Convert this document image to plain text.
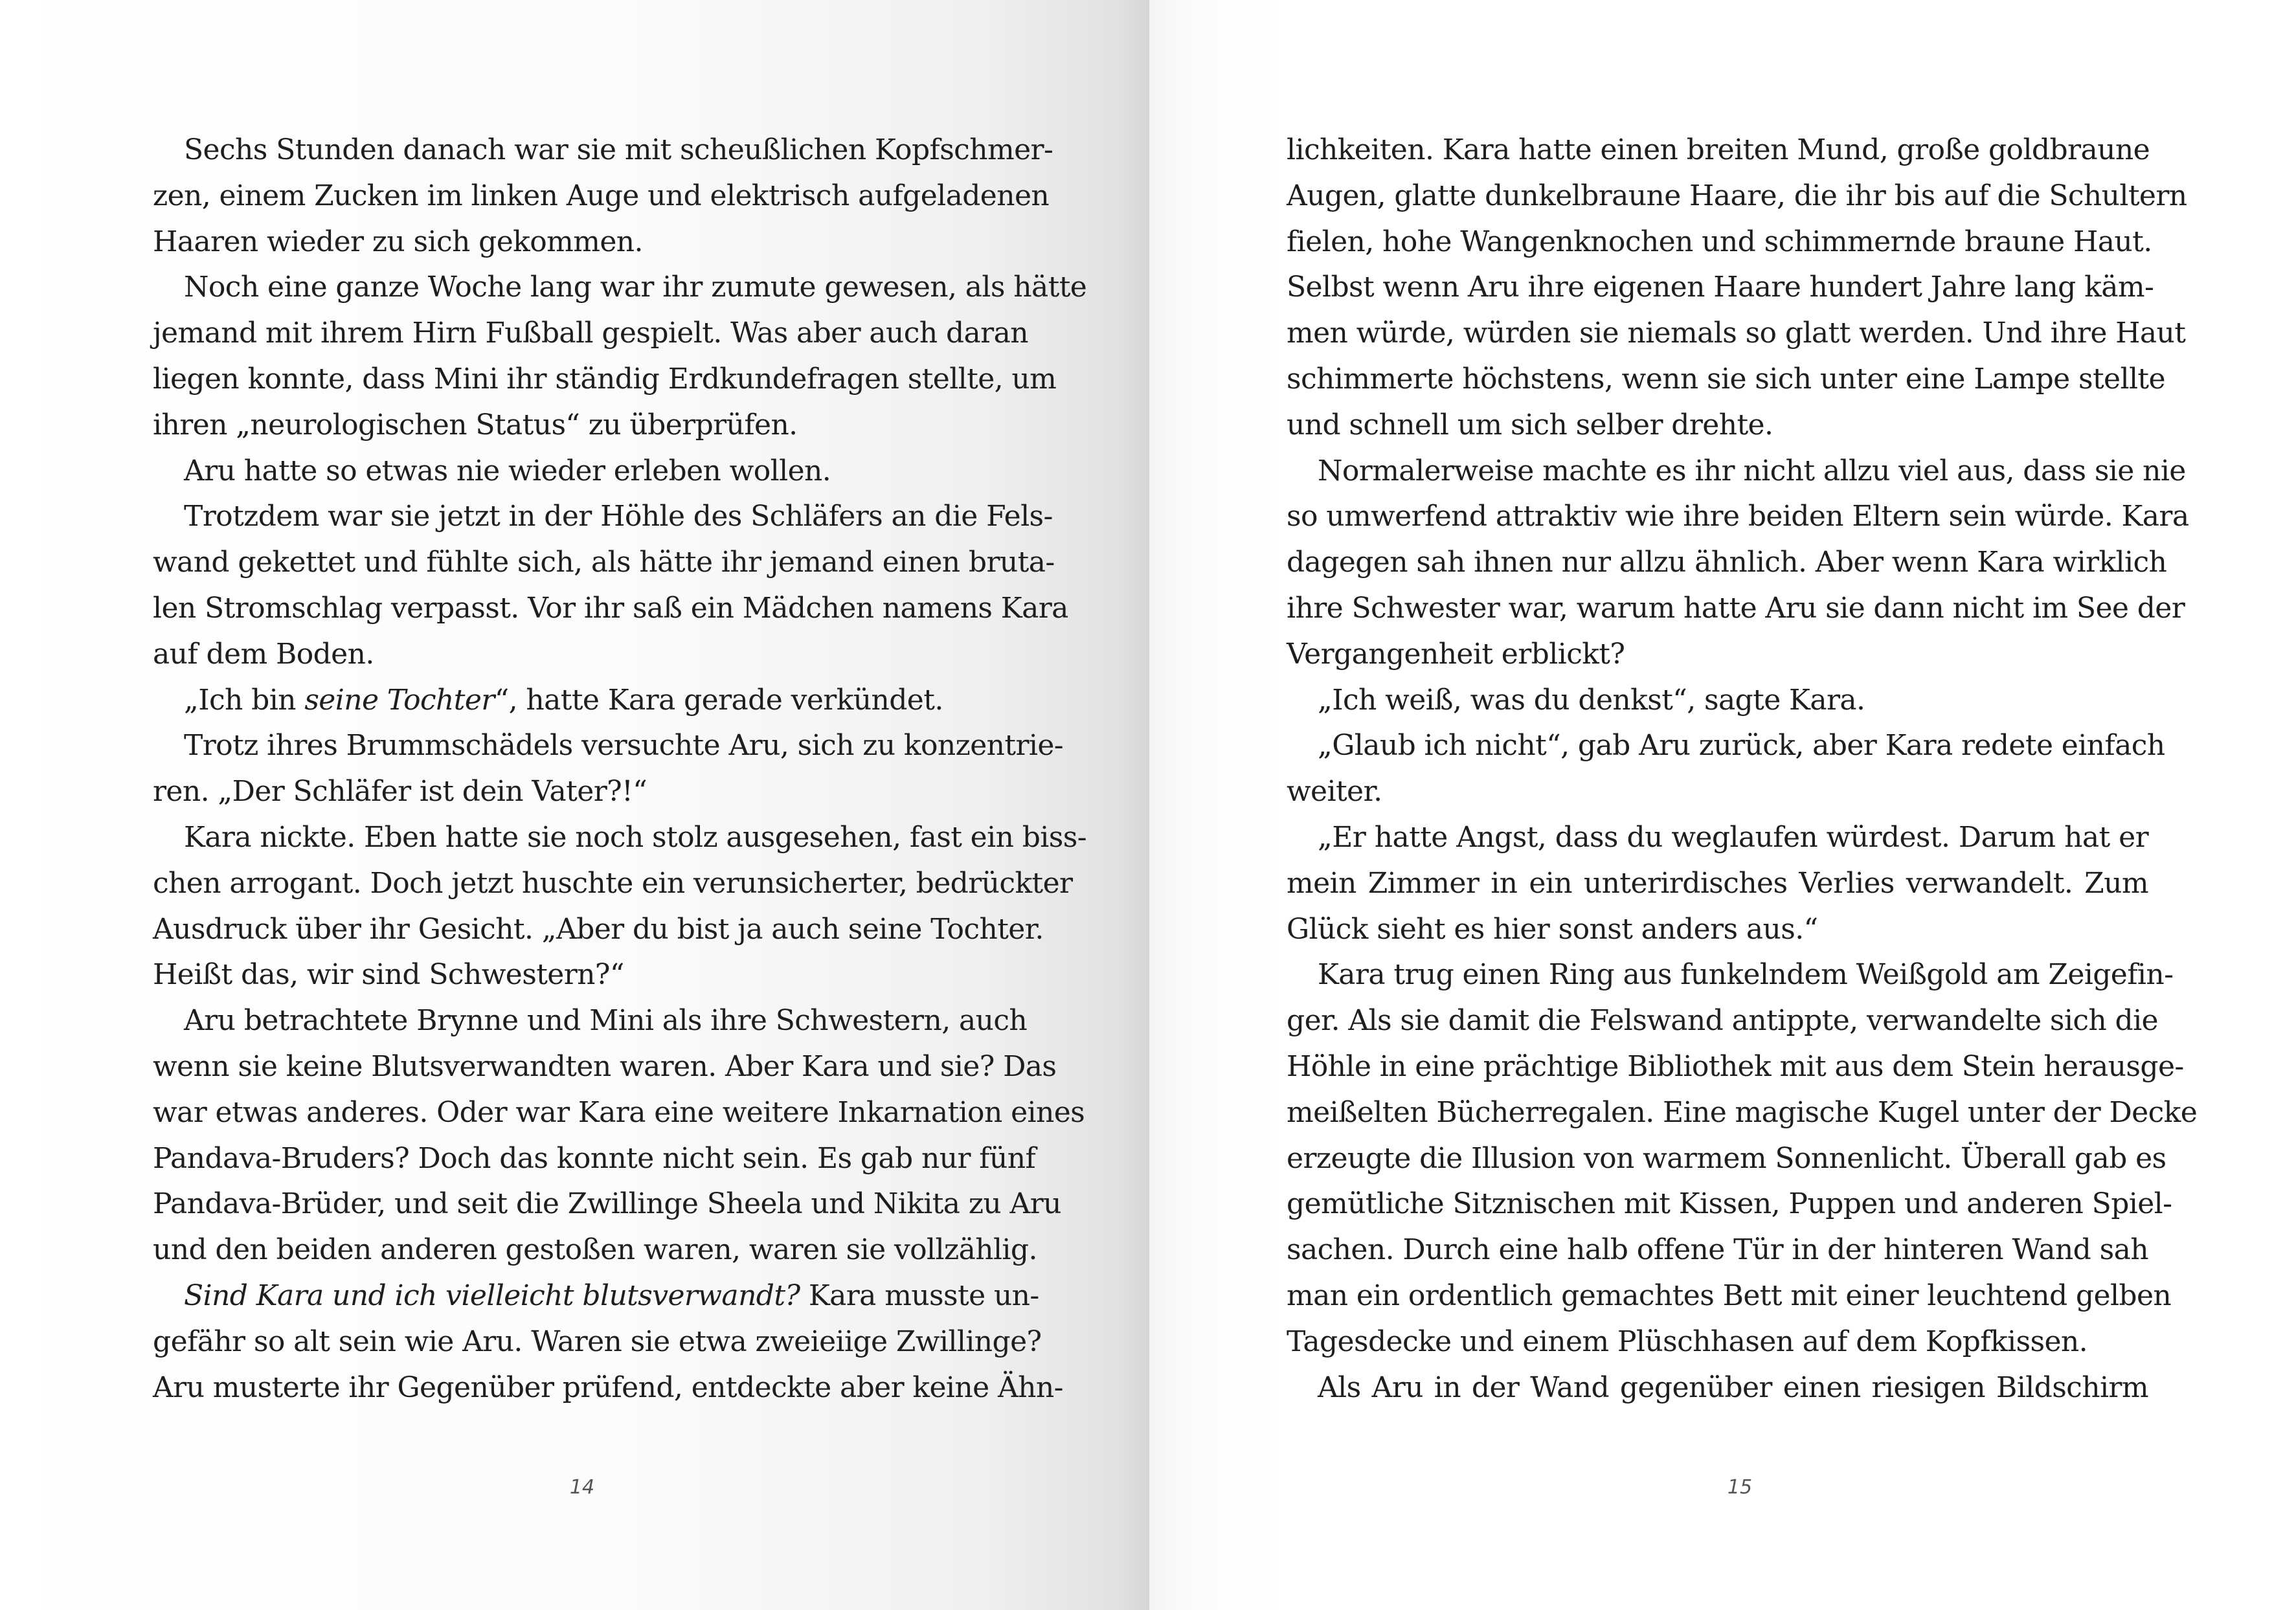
Sechs Stunden danach war sie mit scheußlichen Kopfschmer-
zen, einem Zucken im linken Auge und elektrisch aufgeladenen
Haaren wieder zu sich gekommen.
Noch eine ganze Woche lang war ihr zumute gewesen, als hätte
jemand mit ihrem Hirn Fußball gespielt. Was aber auch daran
liegen konnte, dass Mini ihr ständig Erdkundefragen stellte, um
ihren „neurologischen Status“ zu überprüfen.
Aru hatte so etwas nie wieder erleben wollen.
Trotzdem war sie jetzt in der Höhle des Schläfers an die Fels-
wand gekettet und fühlte sich, als hätte ihr jemand einen bruta-
len Stromschlag verpasst. Vor ihr saß ein Mädchen namens Kara
auf dem Boden.
„Ich bin seine Tochter“, hatte Kara gerade verkündet.
Trotz ihres Brummschädels versuchte Aru, sich zu konzentrie-
ren. „Der Schläfer ist dein Vater?!“
Kara nickte. Eben hatte sie noch stolz ausgesehen, fast ein biss-
chen arrogant. Doch jetzt huschte ein verunsicherter, bedrückter
Ausdruck über ihr Gesicht. „Aber du bist ja auch seine Tochter.
Heißt das, wir sind Schwestern?“
Aru betrachtete Brynne und Mini als ihre Schwestern, auch
wenn sie keine Blutsverwandten waren. Aber Kara und sie? Das
war etwas anderes. Oder war Kara eine weitere Inkarnation eines
Pandava-Bruders? Doch das konnte nicht sein. Es gab nur fünf
Pandava-Brüder, und seit die Zwillinge Sheela und Nikita zu Aru
und den beiden anderen gestoßen waren, waren sie vollzählig.
Sind Kara und ich vielleicht blutsverwandt? Kara musste un-
gefähr so alt sein wie Aru. Waren sie etwa zweieiige Zwillinge?
Aru musterte ihr Gegenüber prüfend, entdeckte aber keine Ähn-
14
lichkeiten. Kara hatte einen breiten Mund, große goldbraune
Augen, glatte dunkelbraune Haare, die ihr bis auf die Schultern
fielen, hohe Wangenknochen und schimmernde braune Haut.
Selbst wenn Aru ihre eigenen Haare hundert Jahre lang käm-
men würde, würden sie niemals so glatt werden. Und ihre Haut
schimmerte höchstens, wenn sie sich unter eine Lampe stellte
und schnell um sich selber drehte.
Normalerweise machte es ihr nicht allzu viel aus, dass sie nie
so umwerfend attraktiv wie ihre beiden Eltern sein würde. Kara
dagegen sah ihnen nur allzu ähnlich. Aber wenn Kara wirklich
ihre Schwester war, warum hatte Aru sie dann nicht im See der
Vergangenheit erblickt?
„Ich weiß, was du denkst“, sagte Kara.
„Glaub ich nicht“, gab Aru zurück, aber Kara redete einfach
weiter.
„Er hatte Angst, dass du weglaufen würdest. Darum hat er
mein Zimmer in ein unterirdisches Verlies verwandelt. Zum
Glück sieht es hier sonst anders aus.“
Kara trug einen Ring aus funkelndem Weißgold am Zeigefin-
ger. Als sie damit die Felswand antippte, verwandelte sich die
Höhle in eine prächtige Bibliothek mit aus dem Stein herausge-
meißelten Bücherregalen. Eine magische Kugel unter der Decke
erzeugte die Illusion von warmem Sonnenlicht. Überall gab es
gemütliche Sitznischen mit Kissen, Puppen und anderen Spiel-
sachen. Durch eine halb offene Tür in der hinteren Wand sah
man ein ordentlich gemachtes Bett mit einer leuchtend gelben
Tagesdecke und einem Plüschhasen auf dem Kopfkissen.
Als Aru in der Wand gegenüber einen riesigen Bildschirm
15
